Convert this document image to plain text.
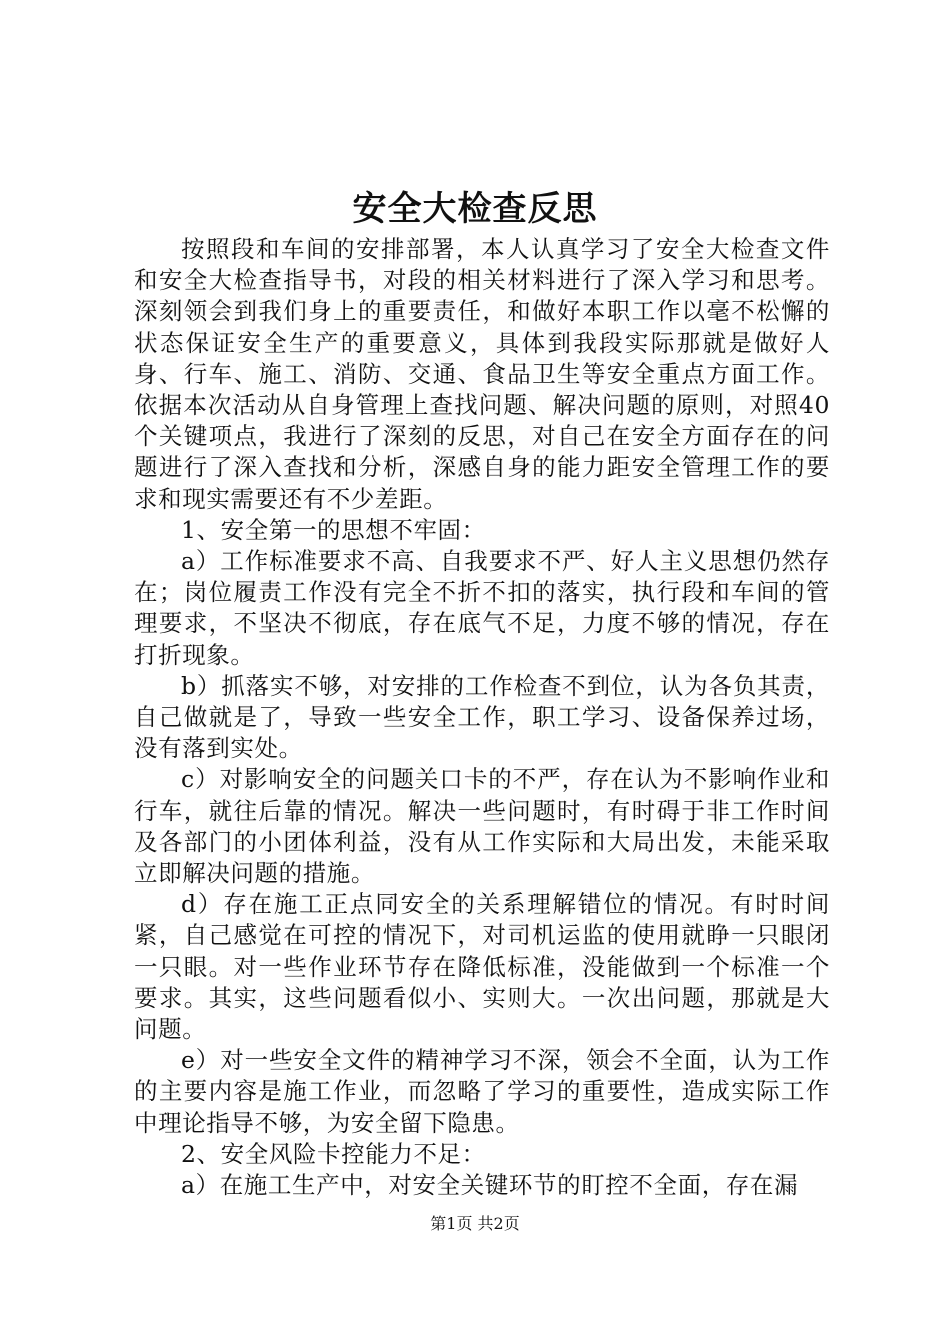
安全大检查反思

按照段和车间的安排部署，本人认真学习了安全大检查文件和安全大检查指导书，对段的相关材料进行了深入学习和思考。深刻领会到我们身上的重要责任，和做好本职工作以毫不松懈的状态保证安全生产的重要意义，具体到我段实际那就是做好人身、行车、施工、消防、交通、食品卫生等安全重点方面工作。依据本次活动从自身管理上查找问题、解决问题的原则，对照40个关键项点，我进行了深刻的反思，对自己在安全方面存在的问题进行了深入查找和分析，深感自身的能力距安全管理工作的要求和现实需要还有不少差距。

1、安全第一的思想不牢固：

a）工作标准要求不高、自我要求不严、好人主义思想仍然存在；岗位履责工作没有完全不折不扣的落实，执行段和车间的管理要求，不坚决不彻底，存在底气不足，力度不够的情况，存在打折现象。

b）抓落实不够，对安排的工作检查不到位，认为各负其责，自己做就是了，导致一些安全工作，职工学习、设备保养过场，没有落到实处。

c）对影响安全的问题关口卡的不严，存在认为不影响作业和行车，就往后靠的情况。解决一些问题时，有时碍于非工作时间及各部门的小团体利益，没有从工作实际和大局出发，未能采取立即解决问题的措施。

d）存在施工正点同安全的关系理解错位的情况。有时时间紧，自己感觉在可控的情况下，对司机运监的使用就睁一只眼闭一只眼。对一些作业环节存在降低标准，没能做到一个标准一个要求。其实，这些问题看似小、实则大。一次出问题，那就是大问题。

e）对一些安全文件的精神学习不深，领会不全面，认为工作的主要内容是施工作业，而忽略了学习的重要性，造成实际工作中理论指导不够，为安全留下隐患。

2、安全风险卡控能力不足：

a）在施工生产中，对安全关键环节的盯控不全面，存在漏

第1页 共2页
